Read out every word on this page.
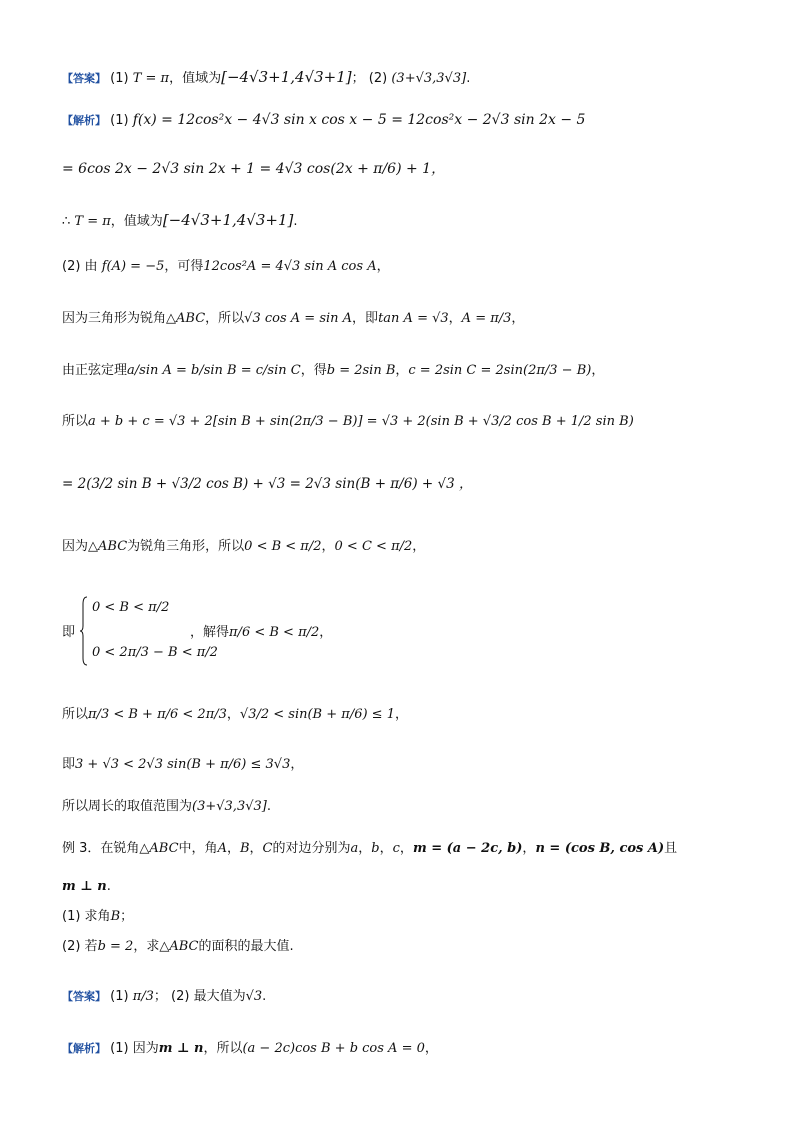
【答案】 (1) T = π，值域为[−4√3+1,4√3+1]； (2) (3+√3,3√3].
【解析】 (1) f(x) = 12cos²x − 4√3 sin x cos x − 5 = 12cos²x − 2√3 sin 2x − 5
= 6cos 2x − 2√3 sin 2x + 1 = 4√3 cos(2x + π/6) + 1，
∴ T = π，值域为[−4√3+1,4√3+1].
(2) 由 f(A) = −5，可得12cos²A = 4√3 sin A cos A，
因为三角形为锐角△ABC，所以√3 cos A = sin A，即tan A = √3，A = π/3，
由正弦定理a/sin A = b/sin B = c/sin C，得b = 2sin B，c = 2sin C = 2sin(2π/3 − B)，
所以a + b + c = √3 + 2[sin B + sin(2π/3 − B)] = √3 + 2(sin B + √3/2 cos B + 1/2 sin B)
= 2(3/2 sin B + √3/2 cos B) + √3 = 2√3 sin(B + π/6) + √3 ，
因为△ABC为锐角三角形，所以0 < B < π/2，0 < C < π/2，
即
0 < B < π/2
0 < 2π/3 − B < π/2
，解得π/6 < B < π/2，
所以π/3 < B + π/6 < 2π/3，√3/2 < sin(B + π/6) ≤ 1，
即3 + √3 < 2√3 sin(B + π/6) ≤ 3√3，
所以周长的取值范围为(3+√3,3√3].
例 3．在锐角△ABC中，角A，B，C的对边分别为a，b，c，m = (a − 2c, b)，n = (cos B, cos A)且
m ⊥ n.
(1) 求角B；
(2) 若b = 2，求△ABC的面积的最大值.
【答案】 (1) π/3； (2) 最大值为√3.
【解析】 (1) 因为m ⊥ n，所以(a − 2c)cos B + b cos A = 0，
